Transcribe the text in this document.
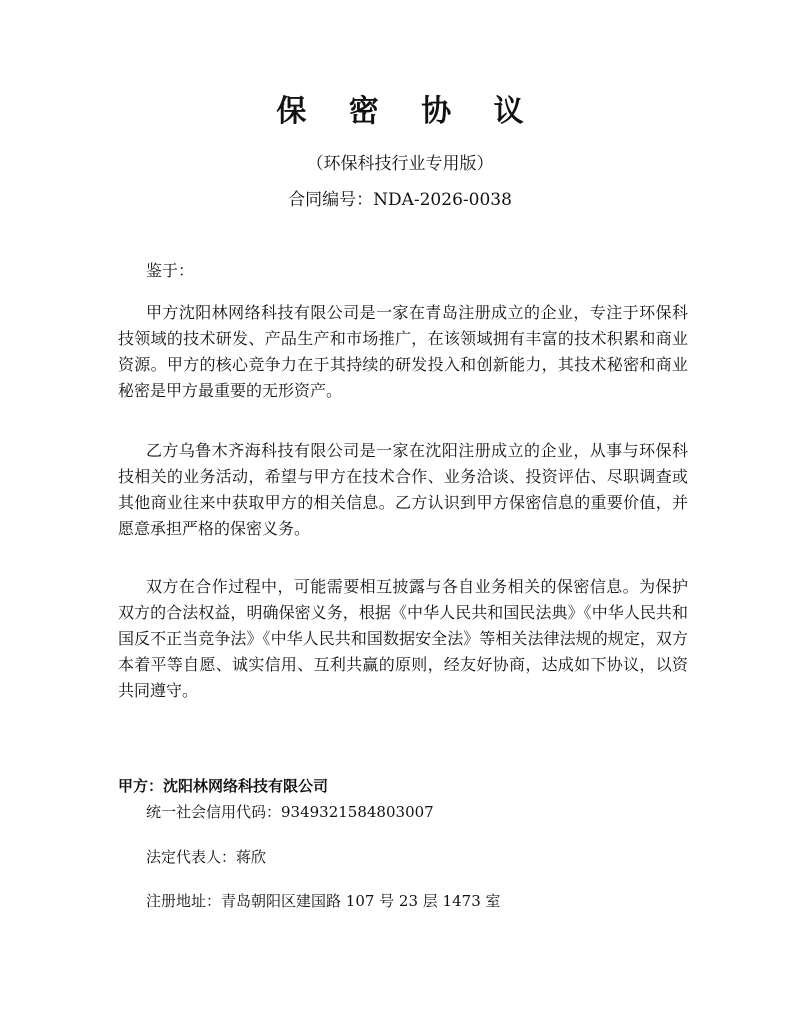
保 密 协 议
（环保科技行业专用版）
合同编号：NDA-2026-0038
鉴于：
甲方沈阳林网络科技有限公司是一家在青岛注册成立的企业，专注于环保科技领域的技术研发、产品生产和市场推广，在该领域拥有丰富的技术积累和商业资源。甲方的核心竞争力在于其持续的研发投入和创新能力，其技术秘密和商业秘密是甲方最重要的无形资产。
乙方乌鲁木齐海科技有限公司是一家在沈阳注册成立的企业，从事与环保科技相关的业务活动，希望与甲方在技术合作、业务洽谈、投资评估、尽职调查或其他商业往来中获取甲方的相关信息。乙方认识到甲方保密信息的重要价值，并愿意承担严格的保密义务。
双方在合作过程中，可能需要相互披露与各自业务相关的保密信息。为保护双方的合法权益，明确保密义务，根据《中华人民共和国民法典》《中华人民共和国反不正当竞争法》《中华人民共和国数据安全法》等相关法律法规的规定，双方本着平等自愿、诚实信用、互利共赢的原则，经友好协商，达成如下协议，以资共同遵守。
甲方：沈阳林网络科技有限公司
统一社会信用代码：9349321584803007
法定代表人：蒋欣
注册地址：青岛朝阳区建国路 107 号 23 层 1473 室
